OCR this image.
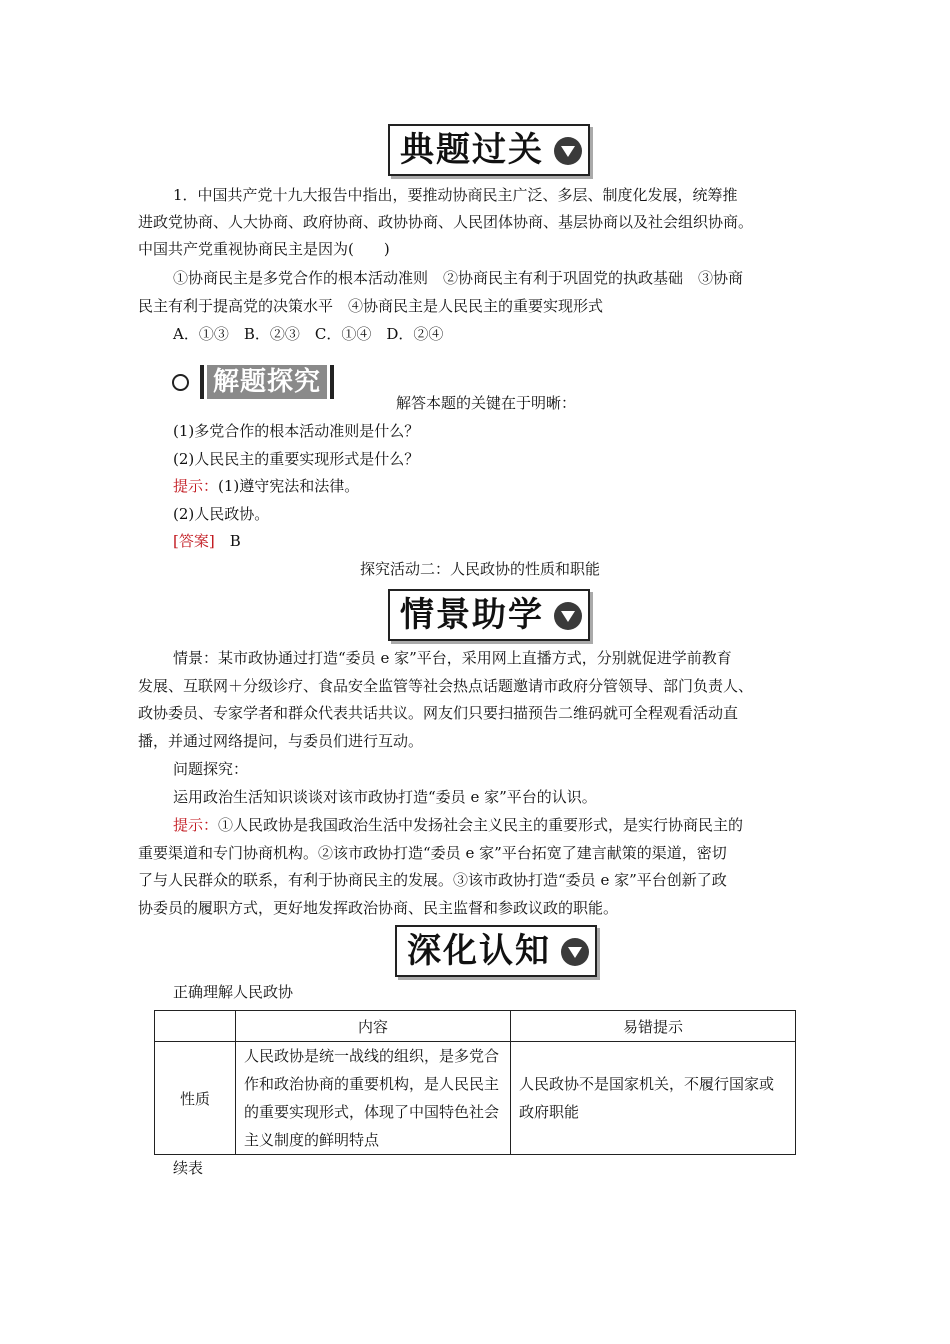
典题过关
1．中国共产党十九大报告中指出，要推动协商民主广泛、多层、制度化发展，统筹推
进政党协商、人大协商、政府协商、政协协商、人民团体协商、基层协商以及社会组织协商。
中国共产党重视协商民主是因为(　　)
①协商民主是多党合作的根本活动准则　②协商民主有利于巩固党的执政基础　③协商
民主有利于提高党的决策水平　④协商民主是人民民主的重要实现形式
A．①③　B．②③　C．①④　D．②④
解题探究
解答本题的关键在于明晰：
(1)多党合作的根本活动准则是什么？
(2)人民民主的重要实现形式是什么？
提示：(1)遵守宪法和法律。
(2)人民政协。
[答案]　 B
探究活动二：人民政协的性质和职能
情景助学
情景：某市政协通过打造“委员 e 家”平台，采用网上直播方式，分别就促进学前教育
发展、互联网＋分级诊疗、食品安全监管等社会热点话题邀请市政府分管领导、部门负责人、
政协委员、专家学者和群众代表共话共议。网友们只要扫描预告二维码就可全程观看活动直
播，并通过网络提问，与委员们进行互动。
问题探究：
运用政治生活知识谈谈对该市政协打造“委员 e 家”平台的认识。
提示：①人民政协是我国政治生活中发扬社会主义民主的重要形式，是实行协商民主的
重要渠道和专门协商机构。②该市政协打造“委员 e 家”平台拓宽了建言献策的渠道，密切
了与人民群众的联系，有利于协商民主的发展。③该市政协打造“委员 e 家”平台创新了政
协委员的履职方式，更好地发挥政治协商、民主监督和参政议政的职能。
深化认知
正确理解人民政协
	内容	易错提示
性质	人民政协是统一战线的组织，是多党合作和政治协商的重要机构，是人民民主的重要实现形式，体现了中国特色社会主义制度的鲜明特点	人民政协不是国家机关，不履行国家或政府职能
续表
